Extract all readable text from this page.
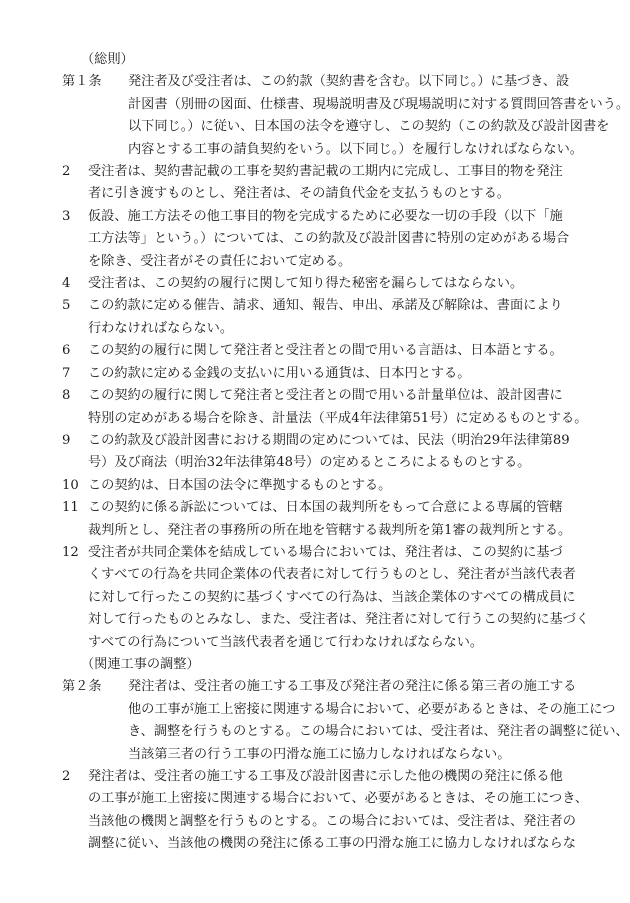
（総則）
第１条	発注者及び受注者は、この約款（契約書を含む。以下同じ。）に基づき、設
計図書（別冊の図面、仕様書、現場説明書及び現場説明に対する質問回答書をいう。
以下同じ。）に従い、日本国の法令を遵守し、この契約（この約款及び設計図書を
内容とする工事の請負契約をいう。以下同じ。）を履行しなければならない。
2	受注者は、契約書記載の工事を契約書記載の工期内に完成し、工事目的物を発注
者に引き渡すものとし、発注者は、その請負代金を支払うものとする。
3	仮設、施工方法その他工事目的物を完成するために必要な一切の手段（以下「施
工方法等」という。）については、この約款及び設計図書に特別の定めがある場合
を除き、受注者がその責任において定める。
4	受注者は、この契約の履行に関して知り得た秘密を漏らしてはならない。
5	この約款に定める催告、請求、通知、報告、申出、承諾及び解除は、書面により
行わなければならない。
6	この契約の履行に関して発注者と受注者との間で用いる言語は、日本語とする。
7	この約款に定める金銭の支払いに用いる通貨は、日本円とする。
8	この契約の履行に関して発注者と受注者との間で用いる計量単位は、設計図書に
特別の定めがある場合を除き、計量法（平成4年法律第51号）に定めるものとする。
9	この約款及び設計図書における期間の定めについては、民法（明治29年法律第89
号）及び商法（明治32年法律第48号）の定めるところによるものとする。
10 この契約は、日本国の法令に準拠するものとする。
11 この契約に係る訴訟については、日本国の裁判所をもって合意による専属的管轄
裁判所とし、発注者の事務所の所在地を管轄する裁判所を第1審の裁判所とする。
12 受注者が共同企業体を結成している場合においては、発注者は、この契約に基づ
くすべての行為を共同企業体の代表者に対して行うものとし、発注者が当該代表者
に対して行ったこの契約に基づくすべての行為は、当該企業体のすべての構成員に
対して行ったものとみなし、また、受注者は、発注者に対して行うこの契約に基づく
すべての行為について当該代表者を通じて行わなければならない。
（関連工事の調整）
第２条	発注者は、受注者の施工する工事及び発注者の発注に係る第三者の施工する
他の工事が施工上密接に関連する場合において、必要があるときは、その施工につ
き、調整を行うものとする。この場合においては、受注者は、発注者の調整に従い、
当該第三者の行う工事の円滑な施工に協力しなければならない。
2	発注者は、受注者の施工する工事及び設計図書に示した他の機関の発注に係る他
の工事が施工上密接に関連する場合において、必要があるときは、その施工につき、
当該他の機関と調整を行うものとする。この場合においては、受注者は、発注者の
調整に従い、当該他の機関の発注に係る工事の円滑な施工に協力しなければならな
